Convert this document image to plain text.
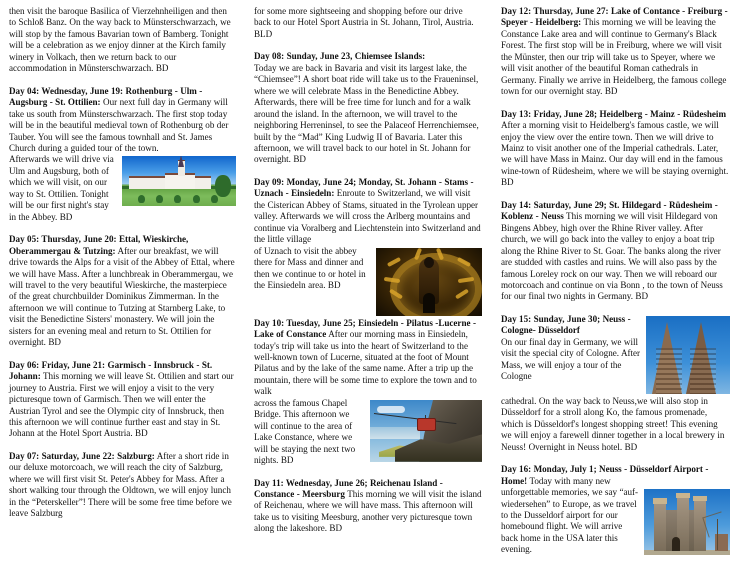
then visit the baroque Basilica of Vierzehnheiligen and then to Schloß Banz. On the way back to Münsterschwarzach, we will stop by the famous Bavarian town of Bamberg. Tonight will be a celebration as we enjoy dinner at the Kirch family winery in Volkach, then we return back to our accommodation in Münsterschwarzach. BD

Day 04: Wednesday, June 19: Rothenburg - Ulm - Augsburg - St. Ottilien: Our next full day in Germany will take us south from Münsterschwarzach. The first stop today will be in the beautiful medieval town of Rothenburg ob der Tauber. You will see the famous townhall and St. James Church during a guided tour of the town.

Afterwards we will drive via Ulm and Augsburg, both of which we will visit, on our way to St. Ottilien. Tonight will be our first night's stay in the Abbey. BD

Day 05: Thursday, June 20: Ettal, Wieskirche, Oberammergau & Tutzing: After our breakfast, we will drive towards the Alps for a visit of the Abbey of Ettal, where we will have Mass. After a lunchbreak in Oberammergau, we will travel to the very beautiful Wieskirche, the masterpiece of the great churchbuilder Dominikus Zimmerman. In the afternoon we will continue to Tutzing at Starnberg Lake, to visit the Benedictine Sisters' monastery. We will join the sisters for an evening meal and return to St. Ottilien for overnight. BD

Day 06: Friday, June 21: Garmisch - Innsbruck - St. Johann: This morning we will leave St. Ottilien and start our journey to Austria. First we will enjoy a visit to the very picturesque town of Garmisch. Then we will enter the Austrian Tyrol and see the Olympic city of Innsbruck, then this afternoon we will continue further east and stay in St. Johann at the Hotel Sport Austria. BD

Day 07: Saturday, June 22: Salzburg: After a short ride in our deluxe motorcoach, we will reach the city of Salzburg, where we will first visit St. Peter's Abbey for Mass. After a short walking tour through the Oldtown, we will enjoy lunch in the “Peterskeller”! There will be some free time before we leave Salzburg

for some more sightseeing and shopping before our drive back to our Hotel Sport Austria in St. Johann, Tirol, Austria. BLD

Day 08: Sunday, June 23, Chiemsee Islands:
Today we are back in Bavaria and visit its largest lake, the “Chiemsee”! A short boat ride will take us to the Fraueninsel, where we will celebrate Mass in the Benedictine Abbey. Afterwards, there will be free time for lunch and for a walk around the island. In the afternoon, we will travel to the neighboring Herreninsel, to see the Palaceof Herrenchiemsee, built by the “Mad” King Ludwig II of Bavaria. Later this afternoon, we will travel back to our hotel in St. Johann for overnight. BD

Day 09: Monday, June 24; Monday, St. Johann - Stams -Uznach - Einsiedeln: Enroute to Switzerland, we will visit the Cisterican Abbey of Stams, situated in the Tyrolean upper valley. Afterwards we will cross the Arlberg mountains and continue via Voralberg and Liechtenstein into Switzerland and the little village

of Uznach to visit the abbey there for Mass and dinner and then we continue to or hotel in the Einsiedeln area. BD

Day 10: Tuesday, June 25; Einsiedeln - Pilatus -Lucerne - Lake of Constance After our morning mass in Einsiedeln, today's trip will take us into the heart of Switzerland to the well-known town of Lucerne, situated at the foot of Mount Pilatus and by the lake of the same name. After a trip up the mountain, there will be some time to explore the town and to walk

across the famous Chapel Bridge. This afternoon we will continue to the area of Lake Constance, where we will be staying the next two nights. BD

Day 11: Wednesday, June 26; Reichenau Island - Constance - Meersburg This morning we will visit the island of Reichenau, where we will have mass. This afternoon will take us to visiting Meesburg, another very picturesque town along the lakeshore. BD

Day 12: Thursday, June 27: Lake of Contance - Freiburg - Speyer - Heidelberg: This morning we will be leaving the Constance Lake area and will continue to Germany's Black Forest. The first stop will be in Freiburg, where we will visit the Münster, then our trip will take us to Speyer, where we will visit another of the beautiful Roman cathedrals in Germany. Finally we arrive in Heidelberg, the famous college town for our overnight stay. BD

Day 13: Friday, June 28; Heidelberg - Mainz - Rüdesheim
After a morning visit to Heidelberg's famous castle, we will enjoy the view over the entire town. Then we will drive to Mainz to visit another one of the Imperial cathedrals. Later, we will have Mass in Mainz. Our day will end in the famous wine-town of Rüdesheim, where we will be staying overnight. BD

Day 14: Saturday, June 29; St. Hildegard - Rüdesheim - Koblenz - Neuss This morning we will visit Hildegard von Bingens Abbey, high over the Rhine River valley. After church, we will go back into the valley to enjoy a boat trip along the Rhine River to St. Goar. The banks along the river are studded with castles and ruins. We will also pass by the famous Loreley rock on our way. Then we will reboard our motorcoach and continue on via Bonn , to the town of Neuss for our final two nights in Germany. BD

Day 15: Sunday, June 30; Neuss - Cologne- Düsseldorf
On our final day in Germany, we will visit the special city of Cologne. After Mass, we will enjoy a tour of the Cologne

cathedral. On the way back to Neuss,we will also stop in Düsseldorf for a stroll along Ko, the famous promenade, which is Düsseldorf's longest shopping street! This evening we will enjoy a farewell dinner together in a local brewery in Neuss! Overnight in Neuss hotel. BD

Day 16: Monday, July 1; Neuss - Düsseldorf Airport - Home! Today with many new

unforgettable memories, we say “auf-wiedersehen” to Europe, as we travel to the Dusseldorf airport for our homebound flight. We will arrive back home in the USA later this evening.
